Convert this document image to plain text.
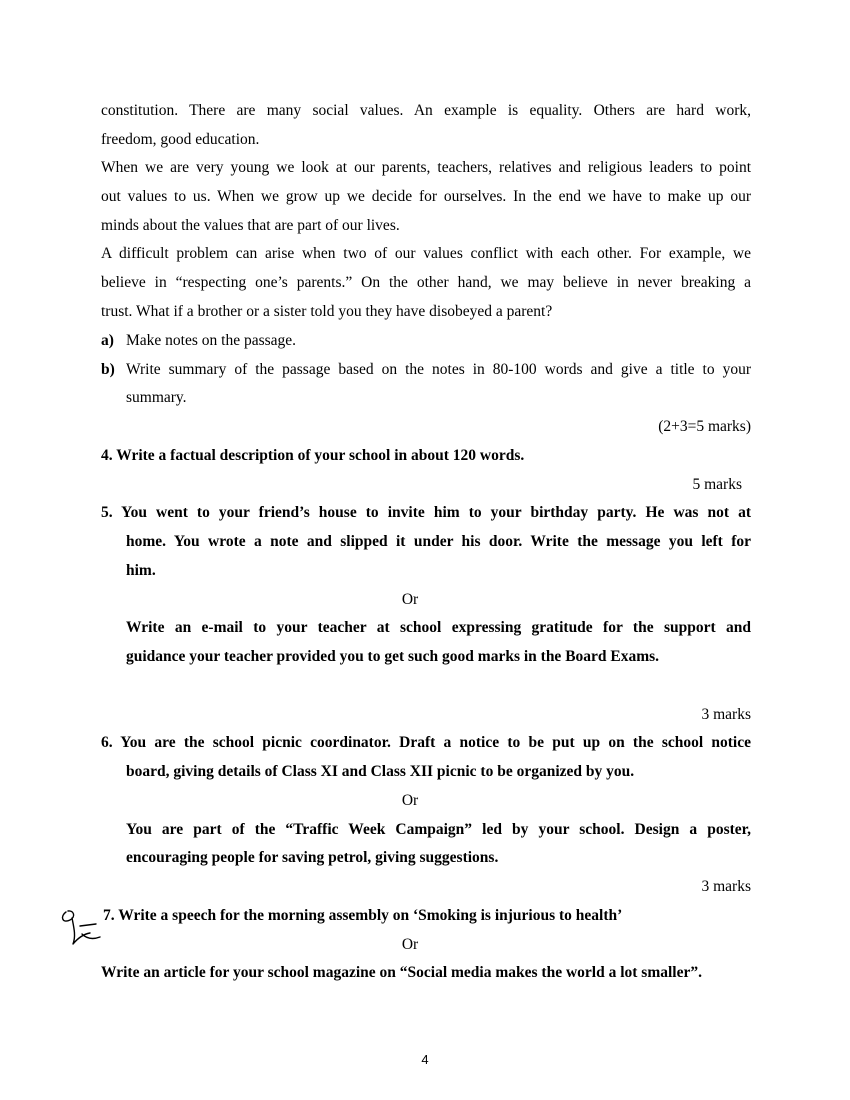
constitution. There are many social values. An example is equality. Others are hard work,
freedom, good education.
When we are very young we look at our parents, teachers, relatives and religious leaders to point
out values to us. When we grow up we decide for ourselves. In the end we have to make up our
minds about the values that are part of our lives.
A difficult problem can arise when two of our values conflict with each other. For example, we
believe in “respecting one’s parents.” On the other hand, we may believe in never breaking a
trust. What if a brother or a sister told you they have disobeyed a parent?
a) Make notes on the passage.
b) Write summary of the passage based on the notes in 80-100 words and give a title to your
summary.
(2+3=5 marks)
4. Write a factual description of your school in about 120 words.
5 marks
5. You went to your friend’s house to invite him to your birthday party. He was not at
home. You wrote a note and slipped it under his door. Write the message you left for
him.
Or
Write an e-mail to your teacher at school expressing gratitude for the support and
guidance your teacher provided you to get such good marks in the Board Exams.
3 marks
6. You are the school picnic coordinator. Draft a notice to be put up on the school notice
board, giving details of Class XI and Class XII picnic to be organized by you.
Or
You are part of the “Traffic Week Campaign” led by your school. Design a poster,
encouraging people for saving petrol, giving suggestions.
3 marks
7. Write a speech for the morning assembly on ‘Smoking is injurious to health’
Or
Write an article for your school magazine on “Social media makes the world a lot smaller”.
4
